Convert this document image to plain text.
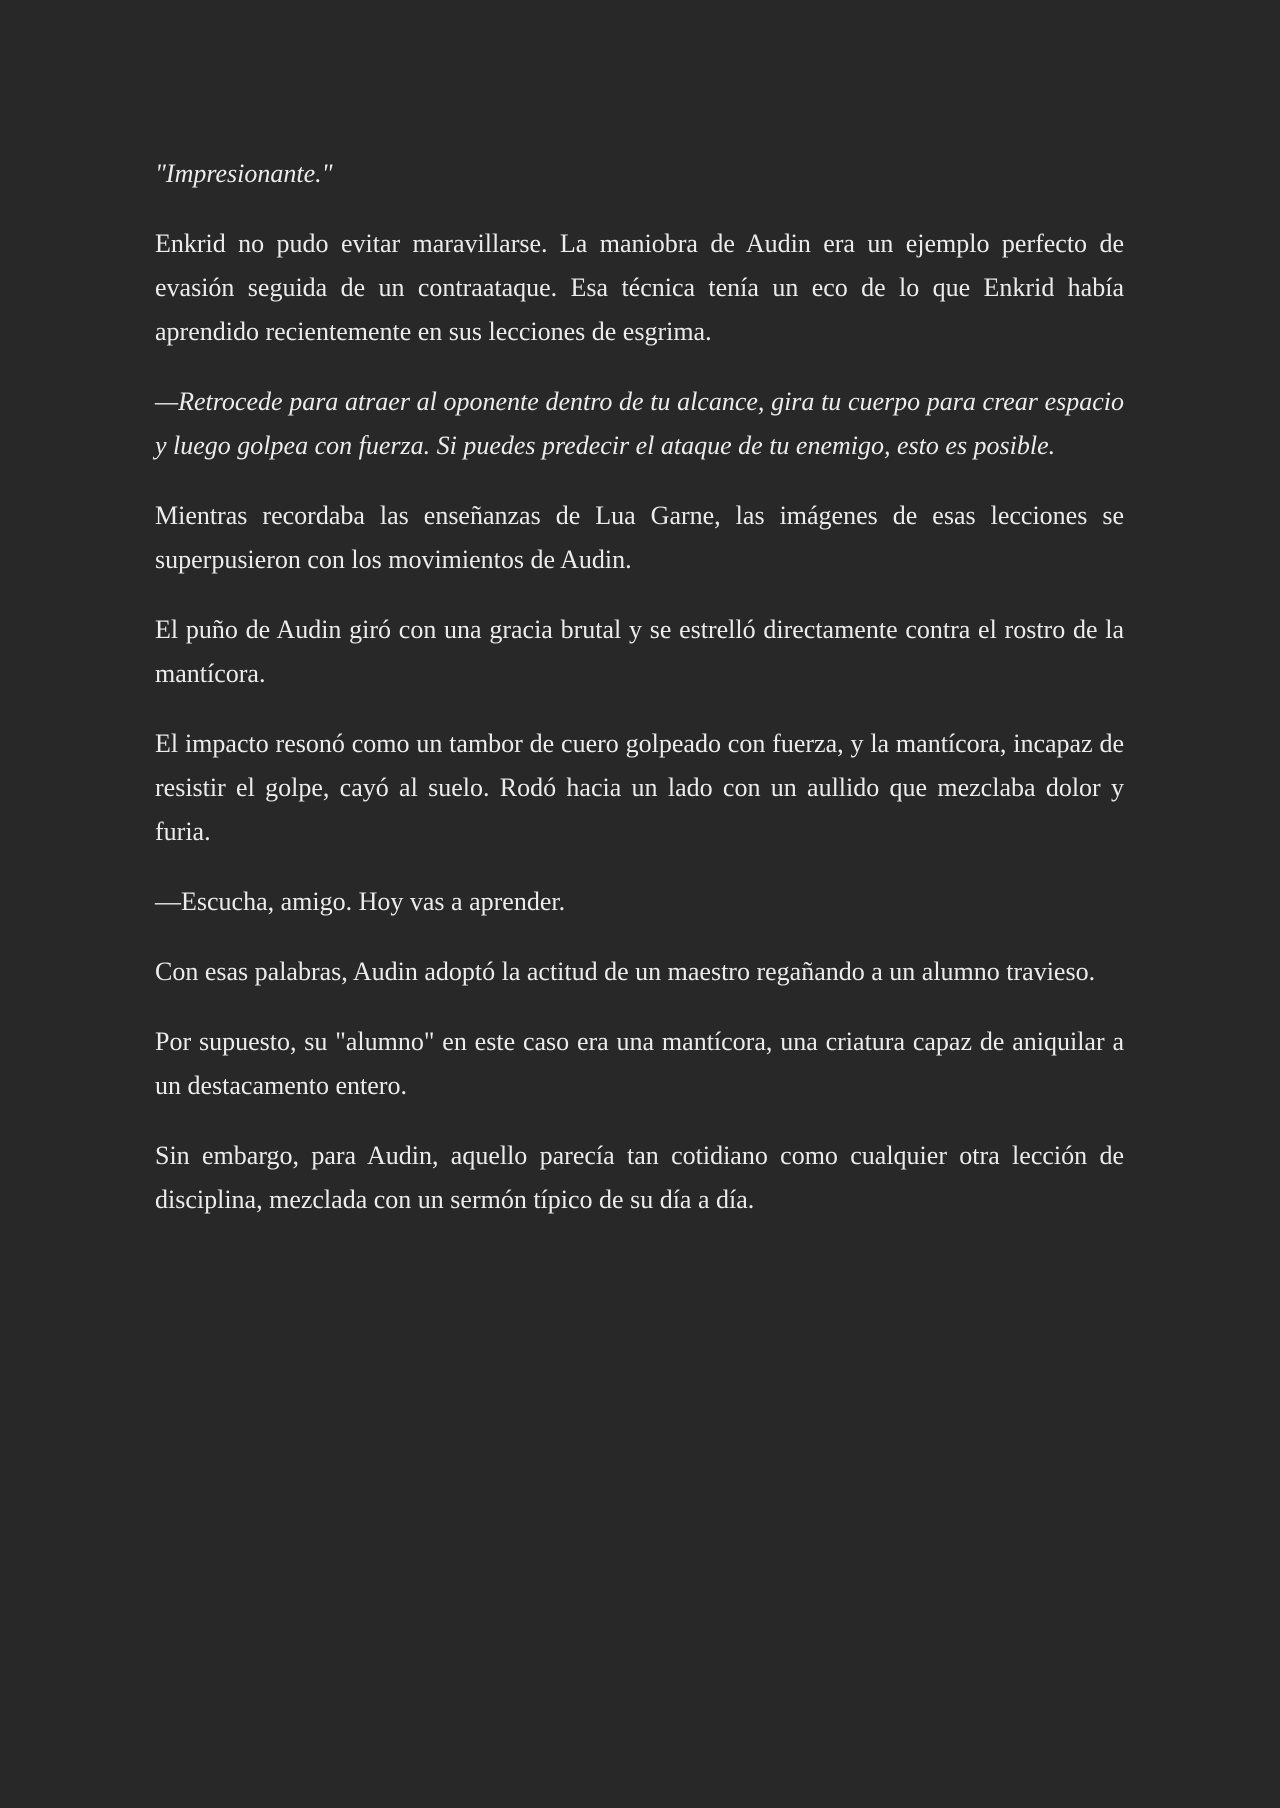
"Impresionante."

Enkrid no pudo evitar maravillarse. La maniobra de Audin era un ejemplo perfecto de evasión seguida de un contraataque. Esa técnica tenía un eco de lo que Enkrid había aprendido recientemente en sus lecciones de esgrima.

—Retrocede para atraer al oponente dentro de tu alcance, gira tu cuerpo para crear espacio y luego golpea con fuerza. Si puedes predecir el ataque de tu enemigo, esto es posible.

Mientras recordaba las enseñanzas de Lua Garne, las imágenes de esas lecciones se superpusieron con los movimientos de Audin.

El puño de Audin giró con una gracia brutal y se estrelló directamente contra el rostro de la mantícora.

El impacto resonó como un tambor de cuero golpeado con fuerza, y la mantícora, incapaz de resistir el golpe, cayó al suelo. Rodó hacia un lado con un aullido que mezclaba dolor y furia.

—Escucha, amigo. Hoy vas a aprender.

Con esas palabras, Audin adoptó la actitud de un maestro regañando a un alumno travieso.

Por supuesto, su "alumno" en este caso era una mantícora, una criatura capaz de aniquilar a un destacamento entero.

Sin embargo, para Audin, aquello parecía tan cotidiano como cualquier otra lección de disciplina, mezclada con un sermón típico de su día a día.
